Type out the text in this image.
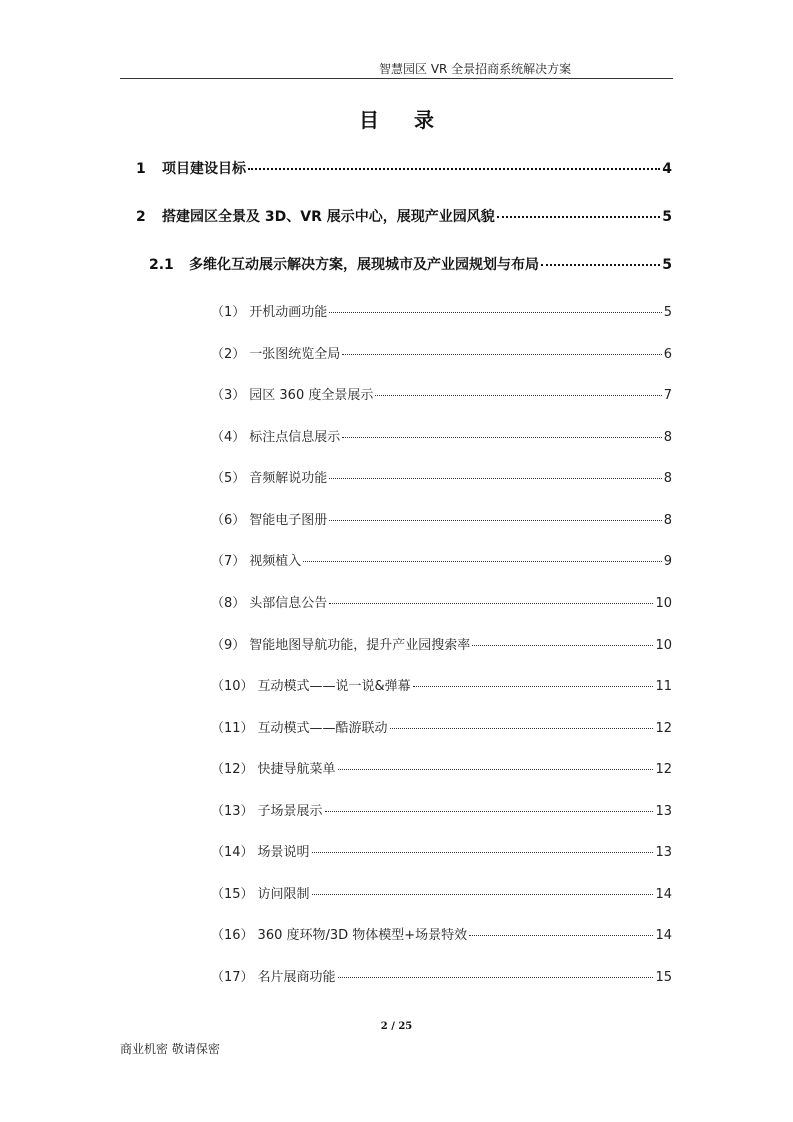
智慧园区 VR 全景招商系统解决方案
目 录
1	项目建设目标	4
2	搭建园区全景及 3D、VR 展示中心，展现产业园风貌	5
2.1	多维化互动展示解决方案，展现城市及产业园规划与布局	5
（1） 开机动画功能	5
（2） 一张图统览全局	6
（3） 园区 360 度全景展示	7
（4） 标注点信息展示	8
（5） 音频解说功能	8
（6） 智能电子图册	8
（7） 视频植入	9
（8） 头部信息公告	10
（9） 智能地图导航功能，提升产业园搜索率	10
（10） 互动模式——说一说&弹幕	11
（11） 互动模式——酷游联动	12
（12） 快捷导航菜单	12
（13） 子场景展示	13
（14） 场景说明	13
（15） 访问限制	14
（16） 360 度环物/3D 物体模型+场景特效	14
（17） 名片展商功能	15
2 / 25
商业机密 敬请保密
